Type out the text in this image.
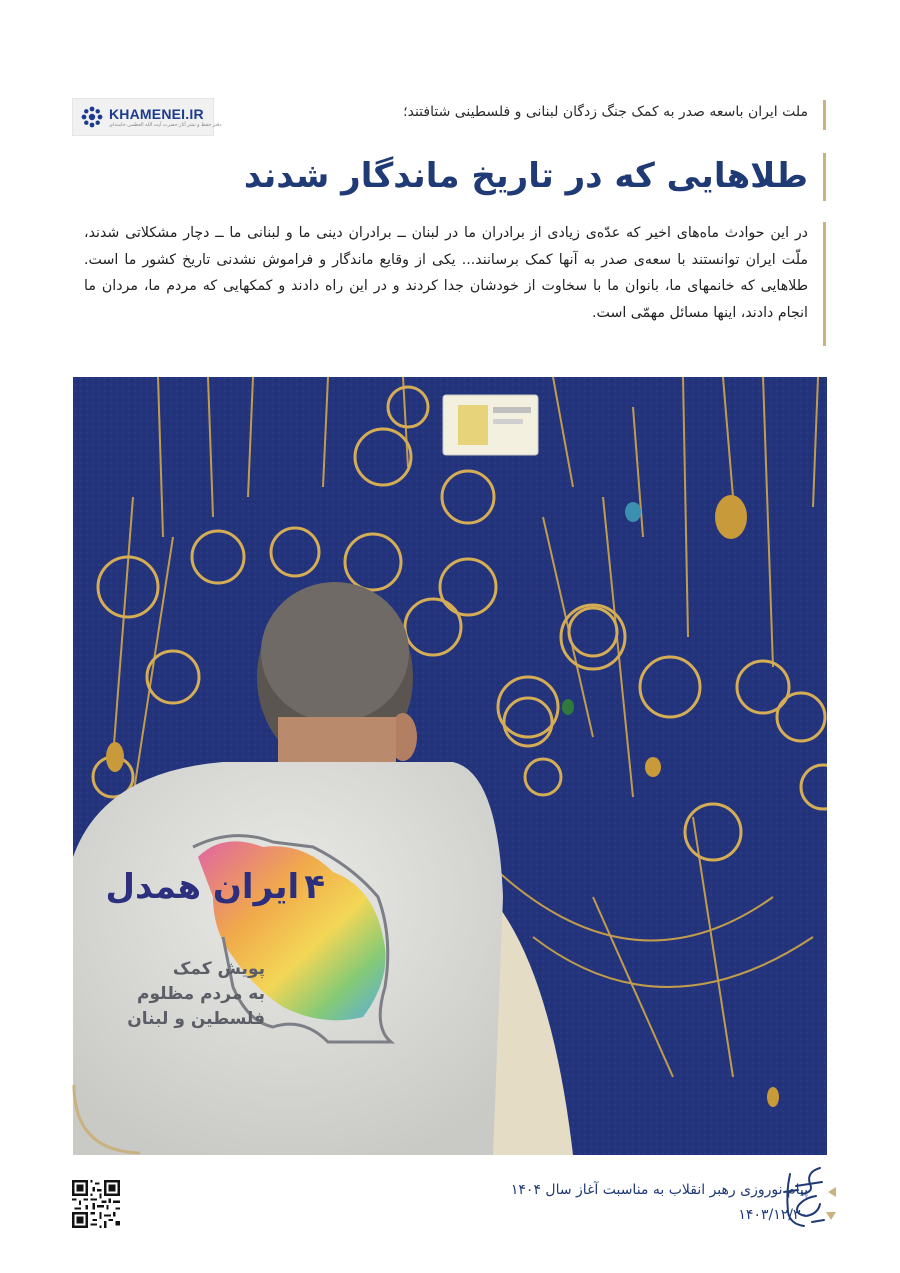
KHAMENEI.IR
دفتر حفظ و نشر آثار حضرت آیت الله العظمی خامنه‌ای
ملت ایران باسعه صدر به کمک جنگ زدگان لبنانی و فلسطینی شتافتند؛
طلاهایی که در تاریخ ماندگار شدند
در این حوادث ماه‌های اخیر که عدّه‌ی زیادی از برادران ما در لبنان ــ برادران دینی ما و لبنانی ما ــ دچار مشکلاتی شدند، ملّت ایران توانستند با سعه‌ی صدر به آنها کمک برسانند... یکی از وقایع ماندگار و فراموش نشدنی تاریخ کشور ما است. طلاهایی که خانمهای ما، بانوان ما با سخاوت از خودشان جدا کردند و در این راه دادند و کمکهایی که مردم ما، مردان ما انجام دادند، اینها مسائل مهمّی است.
۴ ایران همدل
پویش کمک
به مردم مظلوم
فلسطین و لبنان
پیام نوروزی رهبر انقلاب به مناسبت آغاز سال ۱۴۰۴
۱۴۰۳/۱۲/۳۰
